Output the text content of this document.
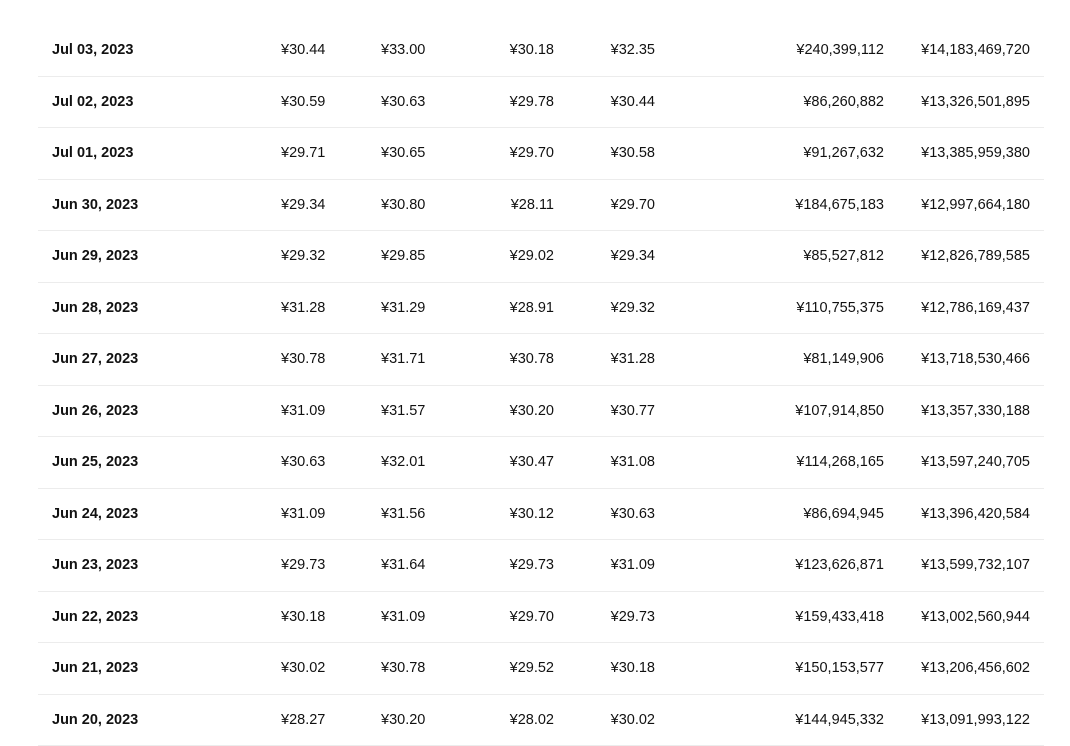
Jul 03, 2023	¥30.44	¥33.00	¥30.18	¥32.35	¥240,399,112	¥14,183,469,720
Jul 02, 2023	¥30.59	¥30.63	¥29.78	¥30.44	¥86,260,882	¥13,326,501,895
Jul 01, 2023	¥29.71	¥30.65	¥29.70	¥30.58	¥91,267,632	¥13,385,959,380
Jun 30, 2023	¥29.34	¥30.80	¥28.11	¥29.70	¥184,675,183	¥12,997,664,180
Jun 29, 2023	¥29.32	¥29.85	¥29.02	¥29.34	¥85,527,812	¥12,826,789,585
Jun 28, 2023	¥31.28	¥31.29	¥28.91	¥29.32	¥110,755,375	¥12,786,169,437
Jun 27, 2023	¥30.78	¥31.71	¥30.78	¥31.28	¥81,149,906	¥13,718,530,466
Jun 26, 2023	¥31.09	¥31.57	¥30.20	¥30.77	¥107,914,850	¥13,357,330,188
Jun 25, 2023	¥30.63	¥32.01	¥30.47	¥31.08	¥114,268,165	¥13,597,240,705
Jun 24, 2023	¥31.09	¥31.56	¥30.12	¥30.63	¥86,694,945	¥13,396,420,584
Jun 23, 2023	¥29.73	¥31.64	¥29.73	¥31.09	¥123,626,871	¥13,599,732,107
Jun 22, 2023	¥30.18	¥31.09	¥29.70	¥29.73	¥159,433,418	¥13,002,560,944
Jun 21, 2023	¥30.02	¥30.78	¥29.52	¥30.18	¥150,153,577	¥13,206,456,602
Jun 20, 2023	¥28.27	¥30.20	¥28.02	¥30.02	¥144,945,332	¥13,091,993,122
